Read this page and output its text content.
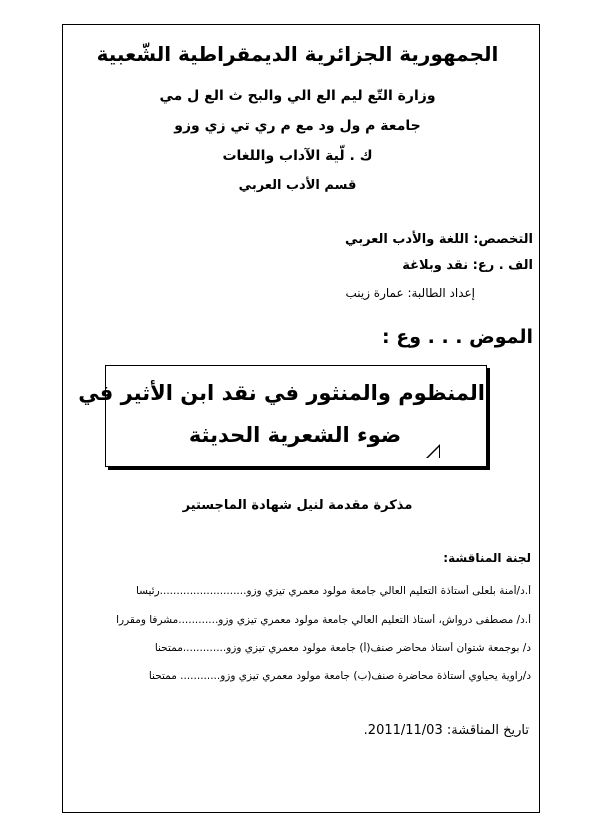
الجمهورية الجزائرية الديمقراطية الشّعبية
وزارة التّع ليم الع الي والبح ث الع ل مي
جامعة م ول ود مع م ري تي زي وزو
ك . لّية الآداب واللغات
قسم الأدب العربي
التخصص: اللغة والأدب العربي
الف . رع: نقد وبلاغة
إعداد الطالبة: عمارة زينب
الموض . . . وع :
المنظوم والمنثور في نقد ابن الأثير في
ضوء الشعرية الحديثة
مذكرة مقدمة لنيل شهادة الماجستير
لجنة المناقشة:
أ.د/أمنة بلعلى أستاذة التعليم العالي جامعة مولود معمري تيزي وزو..........................رئيسا
أ.د/ مصطفى درواش، أستاذ التعليم العالي جامعة مولود معمري تيزي وزو............مشرفا ومقررا
د/ بوجمعة شتوان أستاذ محاضر صنف(أ) جامعة مولود معمري تيزي وزو.............ممتحنا
د/راوية يحياوي أستاذة محاضرة صنف(ب) جامعة مولود معمري تيزي وزو............ ممتحنا
تاريخ المناقشة: 2011/11/03.
